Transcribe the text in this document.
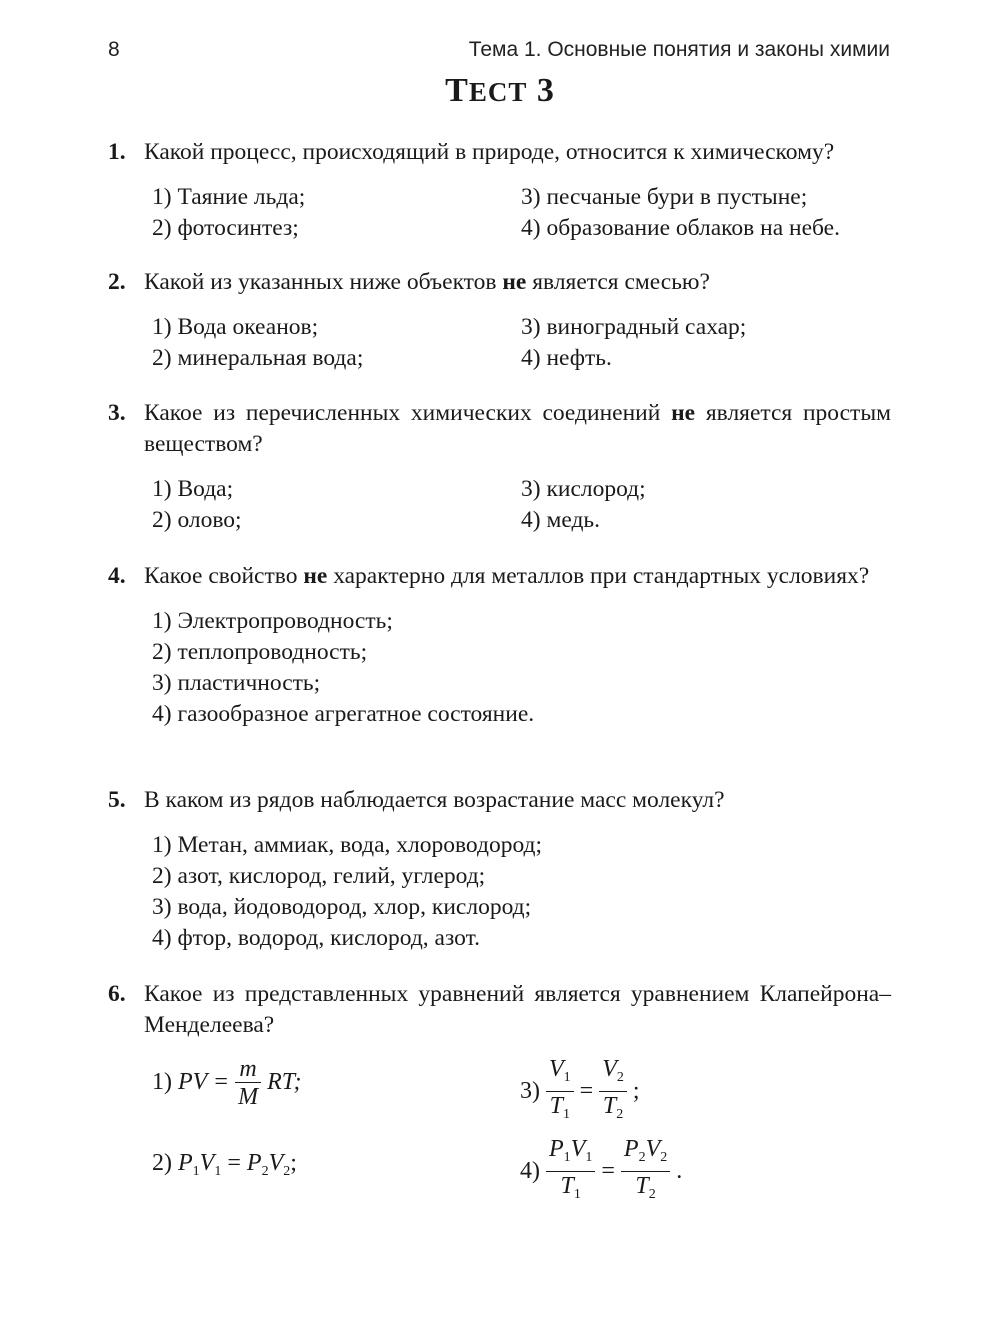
8	Тема 1. Основные понятия и законы химии
ТЕСТ 3
1. Какой процесс, происходящий в природе, относится к химическому?
1) Таяние льда;	3) песчаные бури в пустыне;
2) фотосинтез;	4) образование облаков на небе.
2. Какой из указанных ниже объектов не является смесью?
1) Вода океанов;	3) виноградный сахар;
2) минеральная вода;	4) нефть.
3. Какое из перечисленных химических соединений не является простым веществом?
1) Вода;	3) кислород;
2) олово;	4) медь.
4. Какое свойство не характерно для металлов при стандартных условиях?
1) Электропроводность;
2) теплопроводность;
3) пластичность;
4) газообразное агрегатное состояние.
5. В каком из рядов наблюдается возрастание масс молекул?
1) Метан, аммиак, вода, хлороводород;
2) азот, кислород, гелий, углерод;
3) вода, йодоводород, хлор, кислород;
4) фтор, водород, кислород, азот.
6. Какое из представленных уравнений является уравнением Клапейрона–Менделеева?
1) PV = $\frac{m}{M}$ RT;	$3) \frac{V_1}{T_1} = \frac{V_2}{T_2}$ ;
2) $P_1V_1 = P_2V_2$;	$4) \frac{P_1V_1}{T_1} = \frac{P_2V_2}{T_2}$ .
